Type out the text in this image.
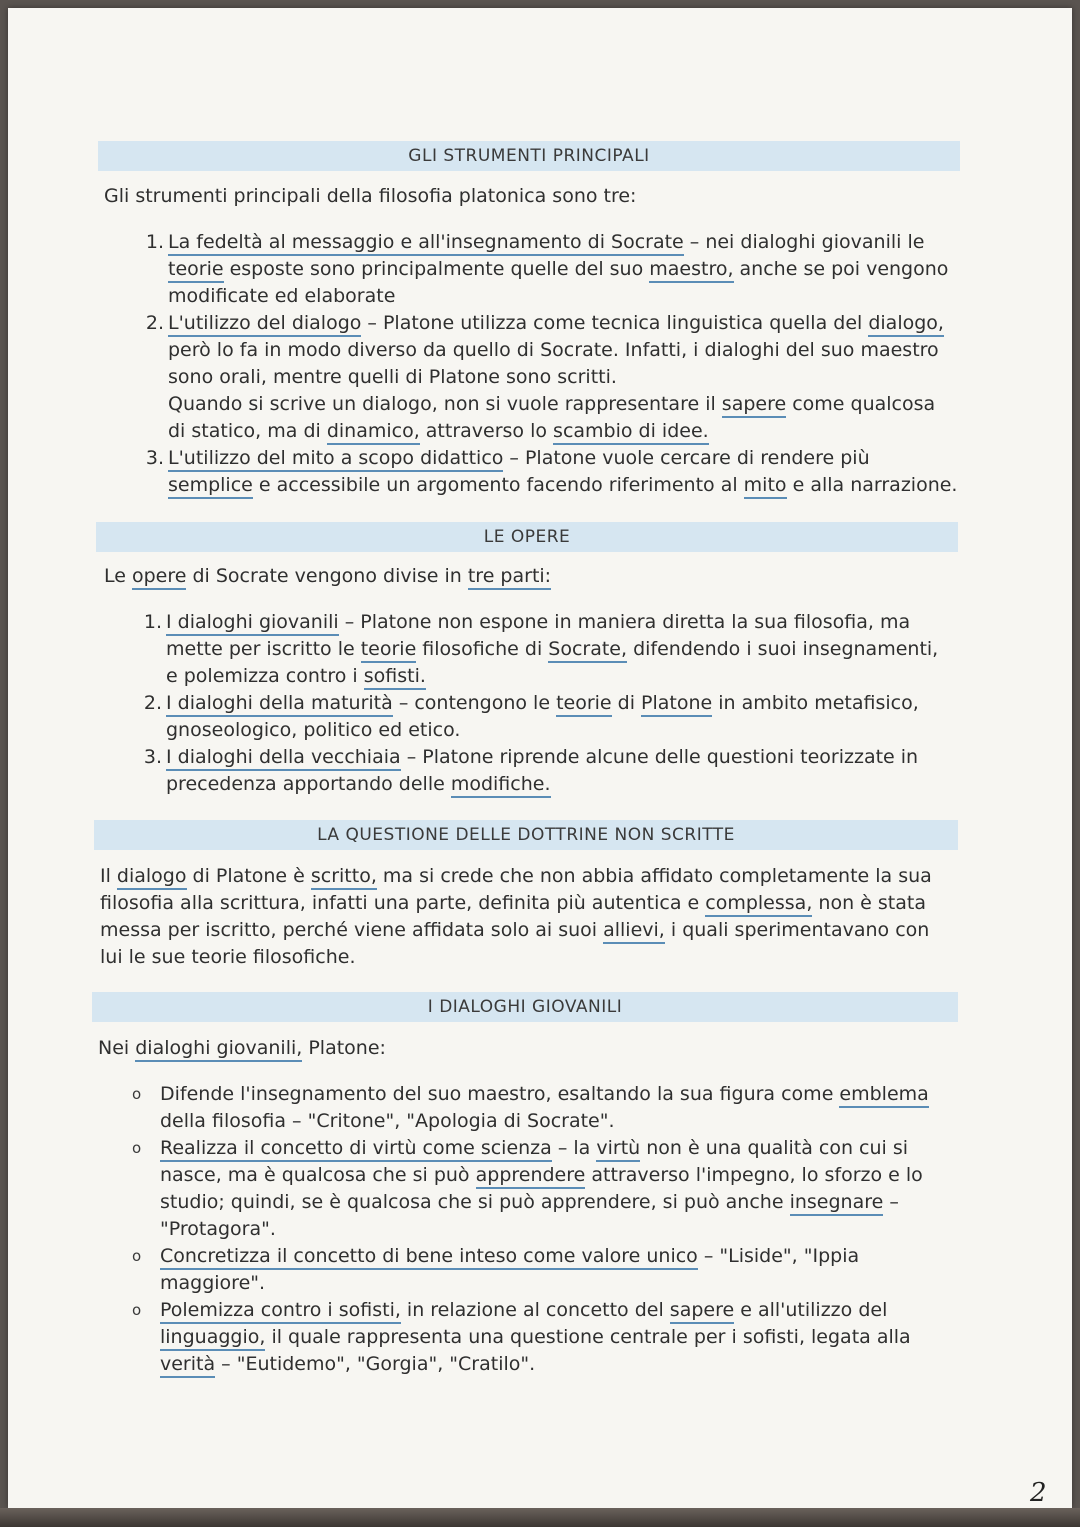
GLI STRUMENTI PRINCIPALI
Gli strumenti principali della filosofia platonica sono tre:
1. La fedeltà al messaggio e all'insegnamento di Socrate – nei dialoghi giovanili le teorie esposte sono principalmente quelle del suo maestro, anche se poi vengono modificate ed elaborate
2. L'utilizzo del dialogo – Platone utilizza come tecnica linguistica quella del dialogo, però lo fa in modo diverso da quello di Socrate. Infatti, i dialoghi del suo maestro sono orali, mentre quelli di Platone sono scritti.
Quando si scrive un dialogo, non si vuole rappresentare il sapere come qualcosa di statico, ma di dinamico, attraverso lo scambio di idee.
3. L'utilizzo del mito a scopo didattico – Platone vuole cercare di rendere più semplice e accessibile un argomento facendo riferimento al mito e alla narrazione.
LE OPERE
Le opere di Socrate vengono divise in tre parti:
1. I dialoghi giovanili – Platone non espone in maniera diretta la sua filosofia, ma mette per iscritto le teorie filosofiche di Socrate, difendendo i suoi insegnamenti, e polemizza contro i sofisti.
2. I dialoghi della maturità – contengono le teorie di Platone in ambito metafisico, gnoseologico, politico ed etico.
3. I dialoghi della vecchiaia – Platone riprende alcune delle questioni teorizzate in precedenza apportando delle modifiche.
LA QUESTIONE DELLE DOTTRINE NON SCRITTE
Il dialogo di Platone è scritto, ma si crede che non abbia affidato completamente la sua filosofia alla scrittura, infatti una parte, definita più autentica e complessa, non è stata messa per iscritto, perché viene affidata solo ai suoi allievi, i quali sperimentavano con lui le sue teorie filosofiche.
I DIALOGHI GIOVANILI
Nei dialoghi giovanili, Platone:
o Difende l'insegnamento del suo maestro, esaltando la sua figura come emblema della filosofia – "Critone", "Apologia di Socrate".
o Realizza il concetto di virtù come scienza – la virtù non è una qualità con cui si nasce, ma è qualcosa che si può apprendere attraverso l'impegno, lo sforzo e lo studio; quindi, se è qualcosa che si può apprendere, si può anche insegnare – "Protagora".
o Concretizza il concetto di bene inteso come valore unico – "Liside", "Ippia maggiore".
o Polemizza contro i sofisti, in relazione al concetto del sapere e all'utilizzo del linguaggio, il quale rappresenta una questione centrale per i sofisti, legata alla verità – "Eutidemo", "Gorgia", "Cratilo".
2
